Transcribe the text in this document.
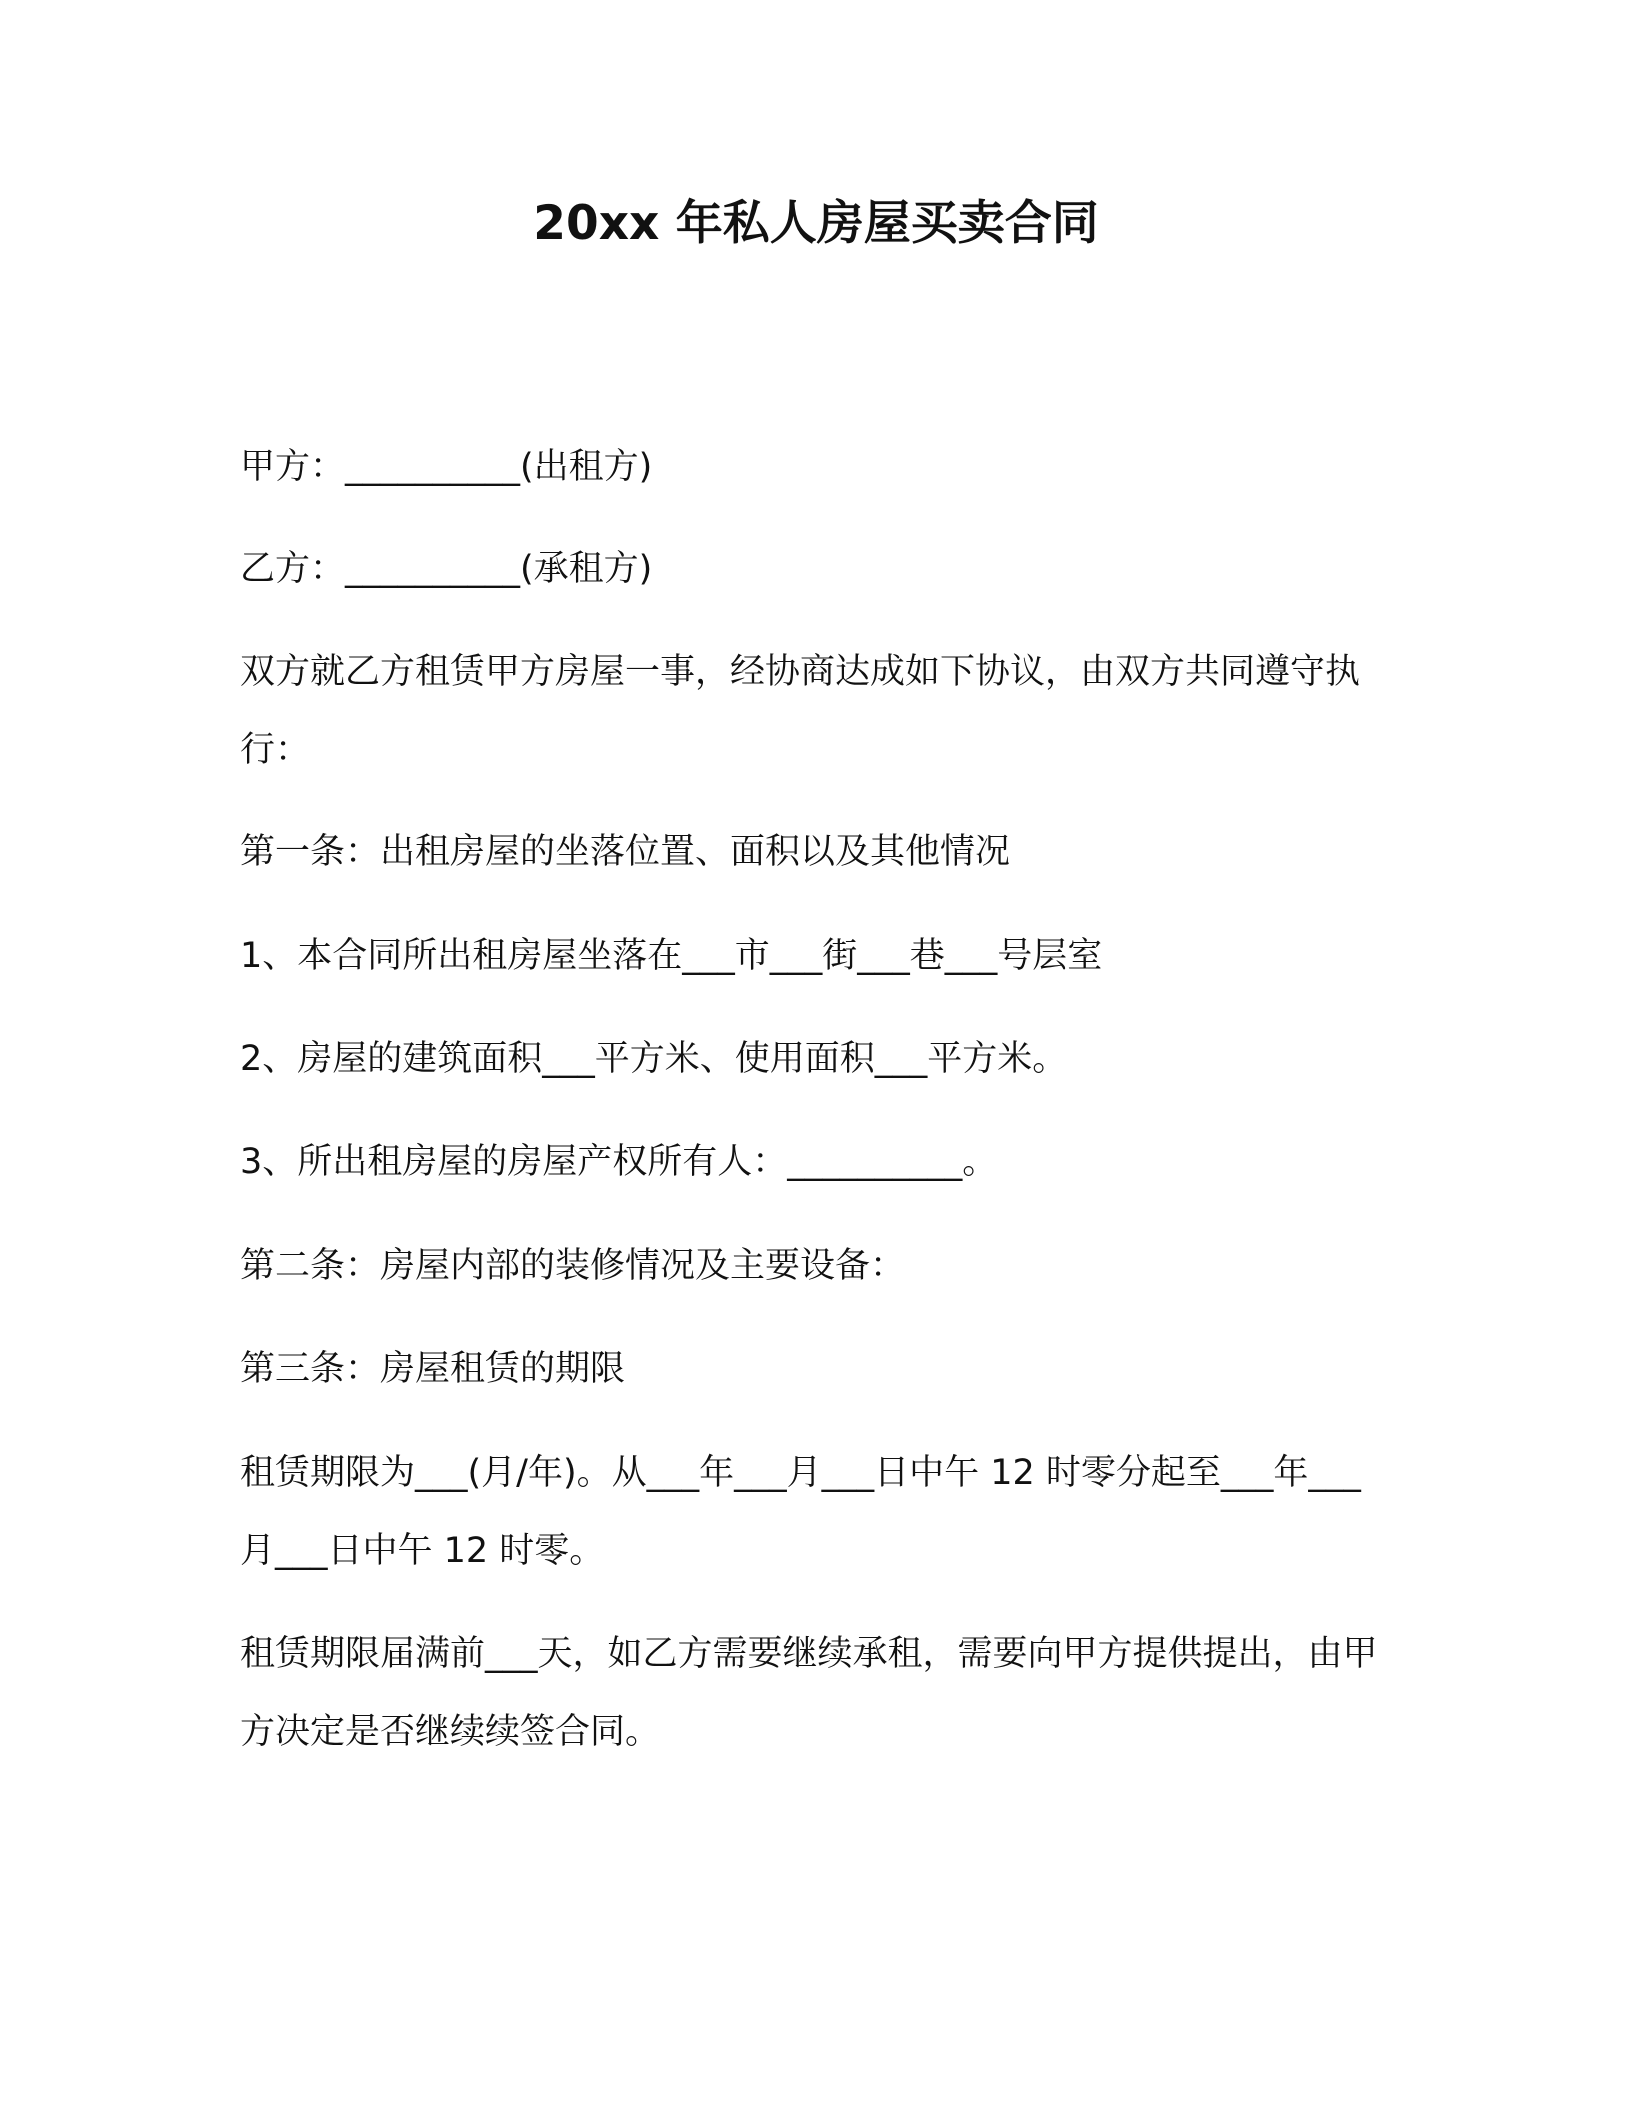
20xx 年私人房屋买卖合同

甲方：__________(出租方)

乙方：__________(承租方)

双方就乙方租赁甲方房屋一事，经协商达成如下协议，由双方共同遵守执行：

第一条：出租房屋的坐落位置、面积以及其他情况

1、本合同所出租房屋坐落在___市___街___巷___号层室

2、房屋的建筑面积___平方米、使用面积___平方米。

3、所出租房屋的房屋产权所有人：__________。

第二条：房屋内部的装修情况及主要设备：

第三条：房屋租赁的期限

租赁期限为___(月/年)。从___年___月___日中午 12 时零分起至___年___月___日中午 12 时零。

租赁期限届满前___天，如乙方需要继续承租，需要向甲方提供提出，由甲方决定是否继续续签合同。
